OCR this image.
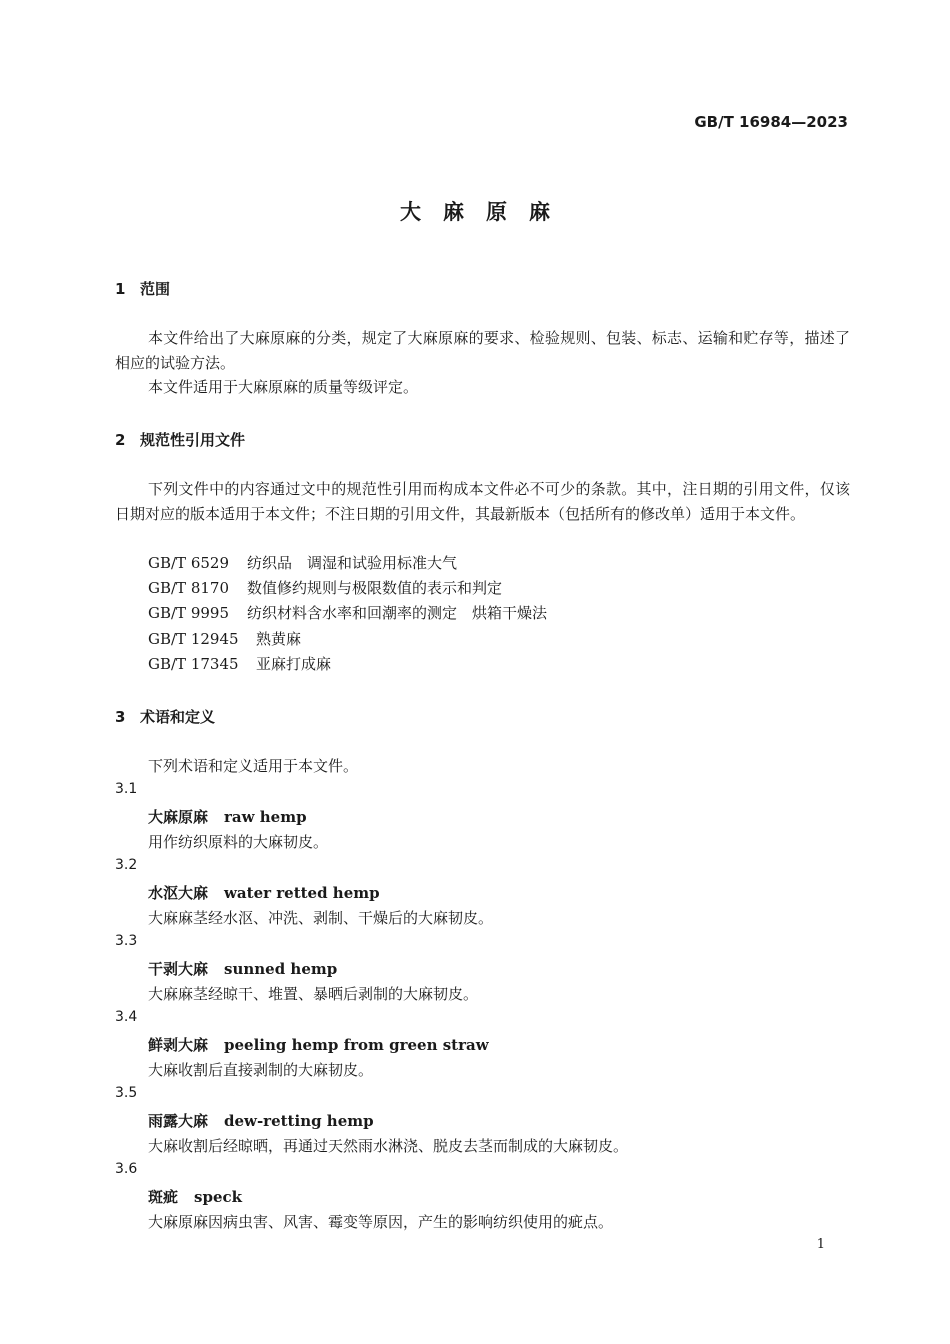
GB/T 16984—2023
大麻原麻
1 范围
本文件给出了大麻原麻的分类，规定了大麻原麻的要求、检验规则、包装、标志、运输和贮存等，描述了相应的试验方法。
本文件适用于大麻原麻的质量等级评定。
2 规范性引用文件
下列文件中的内容通过文中的规范性引用而构成本文件必不可少的条款。其中，注日期的引用文件，仅该日期对应的版本适用于本文件；不注日期的引用文件，其最新版本（包括所有的修改单）适用于本文件。
GB/T 6529 纺织品　调湿和试验用标准大气
GB/T 8170 数值修约规则与极限数值的表示和判定
GB/T 9995 纺织材料含水率和回潮率的测定　烘箱干燥法
GB/T 12945 熟黄麻
GB/T 17345 亚麻打成麻
3 术语和定义
下列术语和定义适用于本文件。
3.1
大麻原麻 raw hemp
用作纺织原料的大麻韧皮。
3.2
水沤大麻 water retted hemp
大麻麻茎经水沤、冲洗、剥制、干燥后的大麻韧皮。
3.3
干剥大麻 sunned hemp
大麻麻茎经晾干、堆置、暴晒后剥制的大麻韧皮。
3.4
鲜剥大麻 peeling hemp from green straw
大麻收割后直接剥制的大麻韧皮。
3.5
雨露大麻 dew-retting hemp
大麻收割后经晾晒，再通过天然雨水淋浇、脱皮去茎而制成的大麻韧皮。
3.6
斑疵 speck
大麻原麻因病虫害、风害、霉变等原因，产生的影响纺织使用的疵点。
1
